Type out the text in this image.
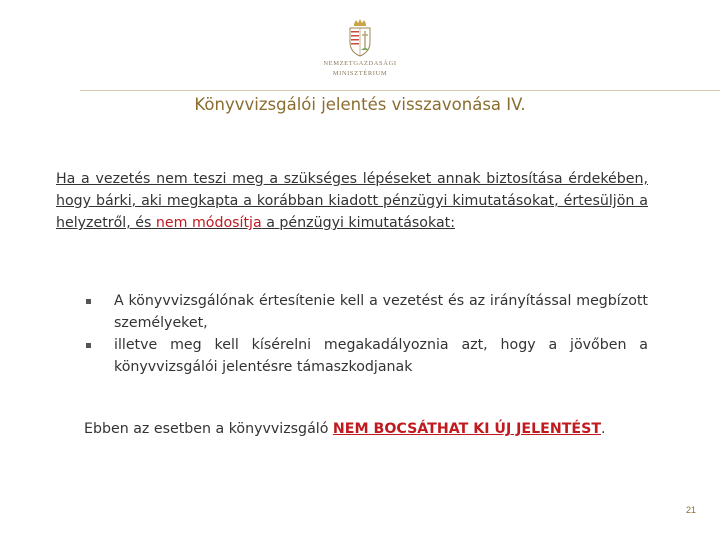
NEMZETGAZDASÁGI
MINISZTÉRIUM
Könyvvizsgálói jelentés visszavonása IV.
Ha a vezetés nem teszi meg a szükséges lépéseket annak biztosítása érdekében, hogy bárki, aki megkapta a korábban kiadott pénzügyi kimutatásokat, értesüljön a helyzetről, és nem módosítja a pénzügyi kimutatásokat:
A könyvvizsgálónak értesítenie kell a vezetést és az irányítással megbízott személyeket,
illetve meg kell kísérelni megakadályoznia azt, hogy a jövőben a könyvvizsgálói jelentésre támaszkodjanak
Ebben az esetben a könyvvizsgáló NEM BOCSÁTHAT KI ÚJ JELENTÉST.
21
